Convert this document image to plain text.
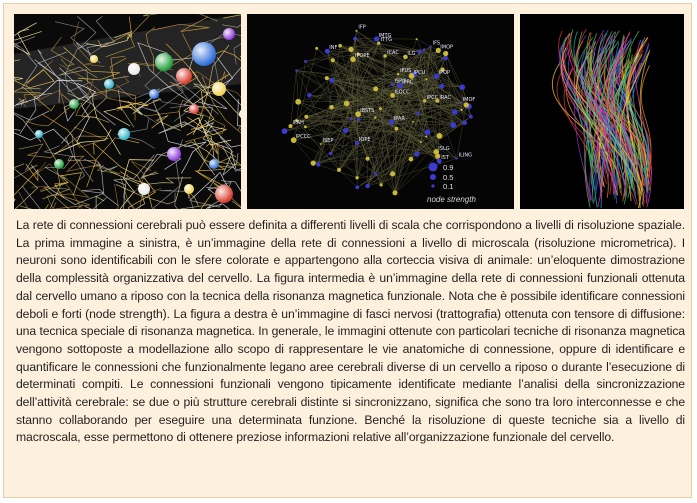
ILG
IMOP
IMOF
ISPG
IPOP
IPOPE
IPCC
IPAR
ISLG
IPRC
IMTG
ISEP
IFP
IPCU
ICAC
IFS
INF
IRAC
IST
IOPE
IPCCC
ILING
ILOCC
IFUS
ITTG
IBSTS
IPAH
0.9
0.5
0.1
node strength

La rete di connessioni cerebrali può essere definita a differenti livelli di scala che corrispondono a livelli di risoluzione spaziale. La prima immagine a sinistra, è un’immagine della rete di connessioni a livello di microscala (risoluzione micrometrica). I neuroni sono identificabili con le sfere colorate e appartengono alla corteccia visiva di animale: un’eloquente dimostrazione della complessità organizzativa del cervello. La figura intermedia è un’immagine della rete di connessioni funzionali ottenuta dal cervello umano a riposo con la tecnica della risonanza magnetica funzionale. Nota che è possibile identificare connessioni deboli e forti (node strength). La figura a destra è un’immagine di fasci nervosi (trattografia) ottenuta con tensore di diffusione: una tecnica speciale di risonanza magnetica. In generale, le immagini ottenute con particolari tecniche di risonanza magnetica vengono sottoposte a modellazione allo scopo di rappresentare le vie anatomiche di connessione, oppure di identificare e quantificare le connessioni che funzionalmente legano aree cerebrali diverse di un cervello a riposo o durante l’esecuzione di determinati compiti. Le connessioni funzionali vengono tipicamente identificate mediante l’analisi della sincronizzazione dell’attività cerebrale: se due o più strutture cerebrali distinte si sincronizzano, significa che sono tra loro interconnesse e che stanno collaborando per eseguire una determinata funzione. Benché la risoluzione di queste tecniche sia a livello di macroscala, esse permettono di ottenere preziose informazioni relative all’organizzazione funzionale del cervello.
